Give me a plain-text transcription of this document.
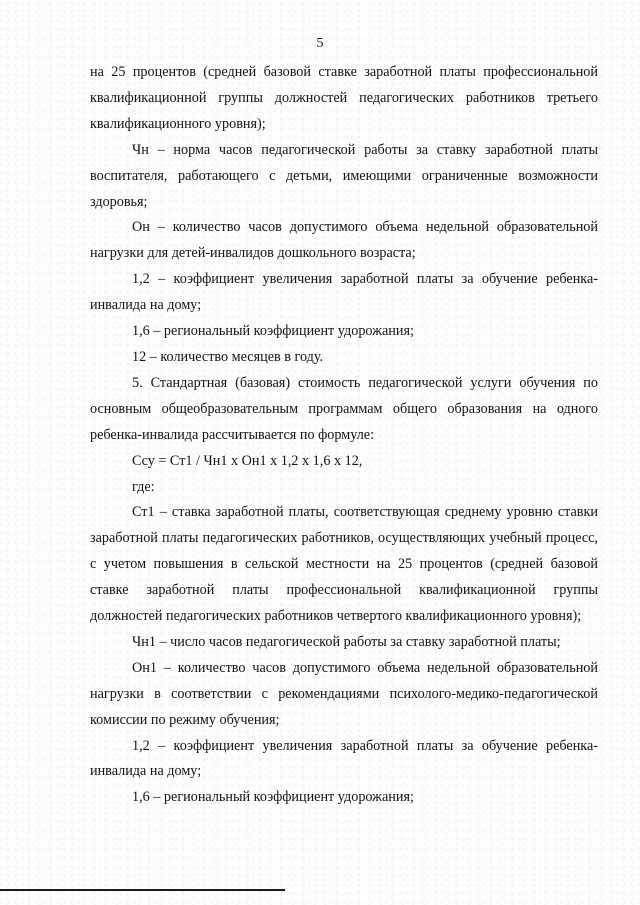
5

на 25 процентов (средней базовой ставке заработной платы профессиональной квалификационной группы должностей педагогических работников третьего квалификационного уровня);

Чн – норма часов педагогической работы за ставку заработной платы воспитателя, работающего с детьми, имеющими ограниченные возможности здоровья;

Он – количество часов допустимого объема недельной образовательной нагрузки для детей-инвалидов дошкольного возраста;

1,2 – коэффициент увеличения заработной платы за обучение ребенка-инвалида на дому;

1,6 – региональный коэффициент удорожания;

12 – количество месяцев в году.

5. Стандартная (базовая) стоимость педагогической услуги обучения по основным общеобразовательным программам общего образования на одного ребенка-инвалида рассчитывается по формуле:

Ссу = Ст1 / Чн1 х Он1 х 1,2 х 1,6 х 12,

где:

Ст1 – ставка заработной платы, соответствующая среднему уровню ставки заработной платы педагогических работников, осуществляющих учебный процесс, с учетом повышения в сельской местности на 25 процентов (средней базовой ставке заработной платы профессиональной квалификационной группы должностей педагогических работников четвертого квалификационного уровня);

Чн1 – число часов педагогической работы за ставку заработной платы;

Он1 – количество часов допустимого объема недельной образовательной нагрузки в соответствии с рекомендациями психолого-медико-педагогической комиссии по режиму обучения;

1,2 – коэффициент увеличения заработной платы за обучение ребенка-инвалида на дому;

1,6 – региональный коэффициент удорожания;
